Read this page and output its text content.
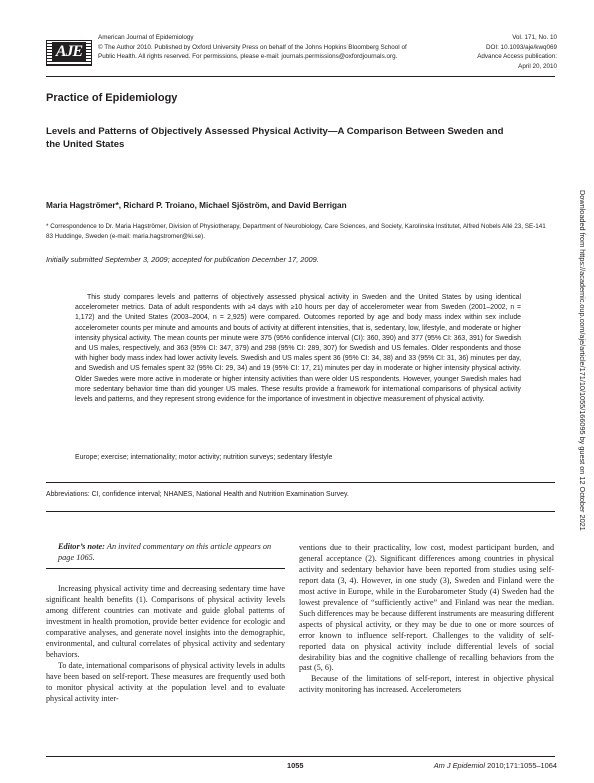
AJE
American Journal of Epidemiology
© The Author 2010. Published by Oxford University Press on behalf of the Johns Hopkins Bloomberg School of
Public Health. All rights reserved. For permissions, please e-mail: journals.permissions@oxfordjournals.org.
Vol. 171, No. 10
DOI: 10.1093/aje/kwq069
Advance Access publication:
April 20, 2010
Practice of Epidemiology
Levels and Patterns of Objectively Assessed Physical Activity—A Comparison Between Sweden and the United States
Maria Hagströmer*, Richard P. Troiano, Michael Sjöström, and David Berrigan
* Correspondence to Dr. Maria Hagströmer, Division of Physiotherapy, Department of Neurobiology, Care Sciences, and Society, Karolinska Institutet, Alfred Nobels Allé 23, SE-141 83 Huddinge, Sweden (e-mail: maria.hagstromer@ki.se).
Initially submitted September 3, 2009; accepted for publication December 17, 2009.

This study compares levels and patterns of objectively assessed physical activity in Sweden and the United States by using identical accelerometer metrics. Data of adult respondents with ≥4 days with ≥10 hours per day of accelerometer wear from Sweden (2001–2002, n = 1,172) and the United States (2003–2004, n = 2,925) were compared. Outcomes reported by age and body mass index within sex include accelerometer counts per minute and amounts and bouts of activity at different intensities, that is, sedentary, low, lifestyle, and moderate or higher intensity physical activity. The mean counts per minute were 375 (95% confidence interval (CI): 360, 390) and 377 (95% CI: 363, 391) for Swedish and US males, respectively, and 363 (95% CI: 347, 379) and 298 (95% CI: 289, 307) for Swedish and US females. Older respondents and those with higher body mass index had lower activity levels. Swedish and US males spent 36 (95% CI: 34, 38) and 33 (95% CI: 31, 36) minutes per day, and Swedish and US females spent 32 (95% CI: 29, 34) and 19 (95% CI: 17, 21) minutes per day in moderate or higher intensity physical activity. Older Swedes were more active in moderate or higher intensity activities than were older US respondents. However, younger Swedish males had more sedentary behavior time than did younger US males. These results provide a framework for international comparisons of physical activity levels and patterns, and they represent strong evidence for the importance of investment in objective measurement of physical activity.

Europe; exercise; internationality; motor activity; nutrition surveys; sedentary lifestyle
Abbreviations: CI, confidence interval; NHANES, National Health and Nutrition Examination Survey.
Editor’s note: An invited commentary on this article appears on page 1065.

Increasing physical activity time and decreasing sedentary time have significant health benefits (1). Comparisons of physical activity levels among different countries can motivate and guide global patterns of investment in health promotion, provide better evidence for ecologic and comparative analyses, and generate novel insights into the demographic, environmental, and cultural correlates of physical activity and sedentary behaviors.

To date, international comparisons of physical activity levels in adults have been based on self-report. These measures are frequently used both to monitor physical activity at the population level and to evaluate physical activity inter-

ventions due to their practicality, low cost, modest participant burden, and general acceptance (2). Significant differences among countries in physical activity and sedentary behavior have been reported from studies using self-report data (3, 4). However, in one study (3), Sweden and Finland were the most active in Europe, while in the Eurobarometer Study (4) Sweden had the lowest prevalence of “sufficiently active” and Finland was near the median. Such differences may be because different instruments are measuring different aspects of physical activity, or they may be due to one or more sources of error known to influence self-report. Challenges to the validity of self-reported data on physical activity include differential levels of social desirability bias and the cognitive challenge of recalling behaviors from the past (5, 6).

Because of the limitations of self-report, interest in objective physical activity monitoring has increased. Accelerometers

1055	Am J Epidemiol 2010;171:1055–1064
Downloaded from https://academic.oup.com/aje/article/171/10/1055/166095 by guest on 12 October 2021
